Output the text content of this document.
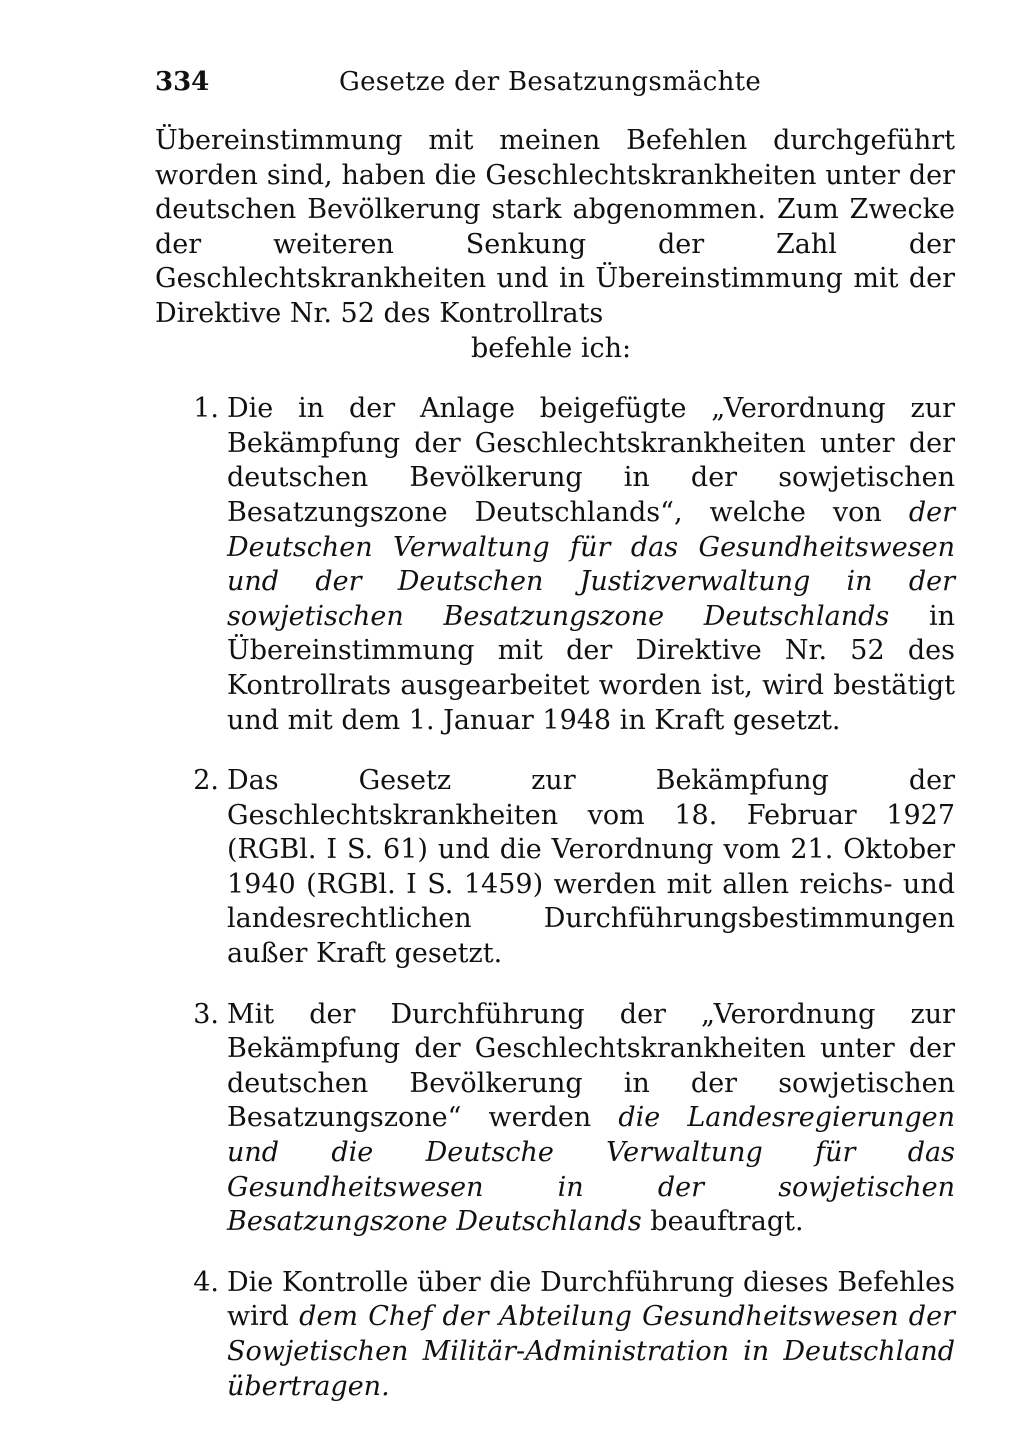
334	Gesetze der Besatzungsmächte

Übereinstimmung mit meinen Befehlen durchgeführt worden sind, haben die Geschlechtskrankheiten unter der deutschen Bevölkerung stark abgenommen. Zum Zwecke der weiteren Senkung der Zahl der Geschlechtskrankheiten und in Übereinstimmung mit der Direktive Nr. 52 des Kontrollrats

befehle ich:

1. Die in der Anlage beigefügte „Verordnung zur Bekämpfung der Geschlechtskrankheiten unter der deutschen Bevölkerung in der sowjetischen Besatzungszone Deutschlands“, welche von der Deutschen Verwaltung für das Gesundheitswesen und der Deutschen Justizverwaltung in der sowjetischen Besatzungszone Deutschlands in Übereinstimmung mit der Direktive Nr. 52 des Kontrollrats ausgearbeitet worden ist, wird bestätigt und mit dem 1. Januar 1948 in Kraft gesetzt.
2. Das Gesetz zur Bekämpfung der Geschlechtskrankheiten vom 18. Februar 1927 (RGBl. I S. 61) und die Verordnung vom 21. Oktober 1940 (RGBl. I S. 1459) werden mit allen reichs- und landesrechtlichen Durchführungsbestimmungen außer Kraft gesetzt.
3. Mit der Durchführung der „Verordnung zur Bekämpfung der Geschlechtskrankheiten unter der deutschen Bevölkerung in der sowjetischen Besatzungszone“ werden die Landesregierungen und die Deutsche Verwaltung für das Gesundheitswesen in der sowjetischen Besatzungszone Deutschlands beauftragt.
4. Die Kontrolle über die Durchführung dieses Befehles wird dem Chef der Abteilung Gesundheitswesen der Sowjetischen Militär-Administration in Deutschland übertragen.
